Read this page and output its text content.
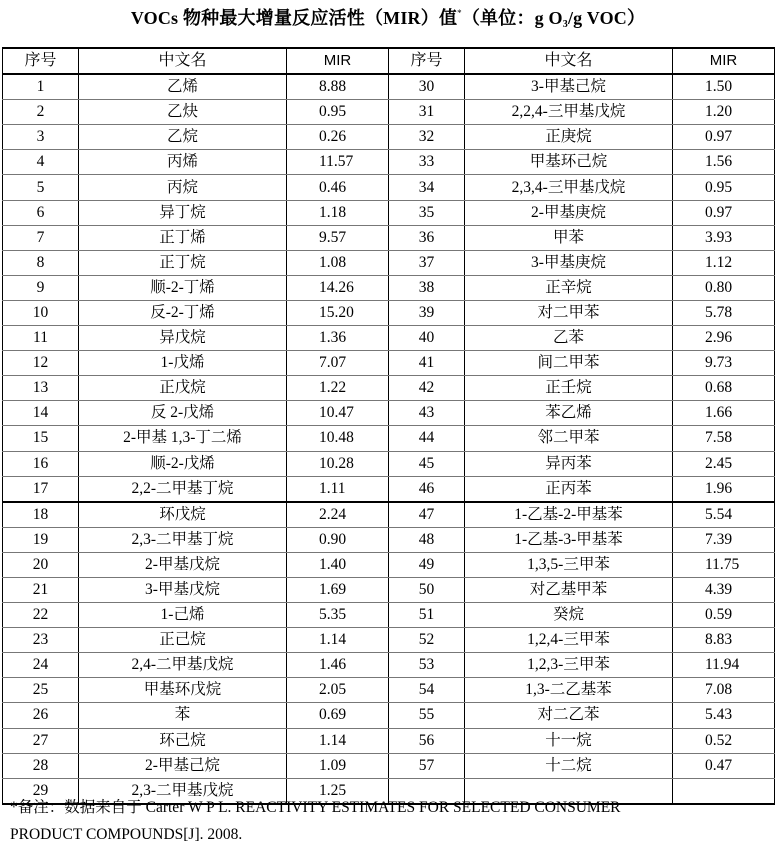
VOCs 物种最大增量反应活性（MIR）值*（单位：g $O_3/g$ VOC）
序号	中文名	MIR	序号	中文名	MIR
1	乙烯	8.88	30	3-甲基己烷	1.50
2	乙炔	0.95	31	2,2,4-三甲基戊烷	1.20
3	乙烷	0.26	32	正庚烷	0.97
4	丙烯	11.57	33	甲基环己烷	1.56
5	丙烷	0.46	34	2,3,4-三甲基戊烷	0.95
6	异丁烷	1.18	35	2-甲基庚烷	0.97
7	正丁烯	9.57	36	甲苯	3.93
8	正丁烷	1.08	37	3-甲基庚烷	1.12
9	顺-2-丁烯	14.26	38	正辛烷	0.80
10	反-2-丁烯	15.20	39	对二甲苯	5.78
11	异戊烷	1.36	40	乙苯	2.96
12	1-戊烯	7.07	41	间二甲苯	9.73
13	正戊烷	1.22	42	正壬烷	0.68
14	反 2-戊烯	10.47	43	苯乙烯	1.66
15	2-甲基 1,3-丁二烯	10.48	44	邻二甲苯	7.58
16	顺-2-戊烯	10.28	45	异丙苯	2.45
17	2,2-二甲基丁烷	1.11	46	正丙苯	1.96
18	环戊烷	2.24	47	1-乙基-2-甲基苯	5.54
19	2,3-二甲基丁烷	0.90	48	1-乙基-3-甲基苯	7.39
20	2-甲基戊烷	1.40	49	1,3,5-三甲苯	11.75
21	3-甲基戊烷	1.69	50	对乙基甲苯	4.39
22	1-己烯	5.35	51	癸烷	0.59
23	正己烷	1.14	52	1,2,4-三甲苯	8.83
24	2,4-二甲基戊烷	1.46	53	1,2,3-三甲苯	11.94
25	甲基环戊烷	2.05	54	1,3-二乙基苯	7.08
26	苯	0.69	55	对二乙苯	5.43
27	环己烷	1.14	56	十一烷	0.52
28	2-甲基己烷	1.09	57	十二烷	0.47
29	2,3-二甲基戊烷	1.25			
*备注：数据来自于 Carter W P L. REACTIVITY ESTIMATES FOR SELECTED CONSUMER
PRODUCT COMPOUNDS[J]. 2008.
